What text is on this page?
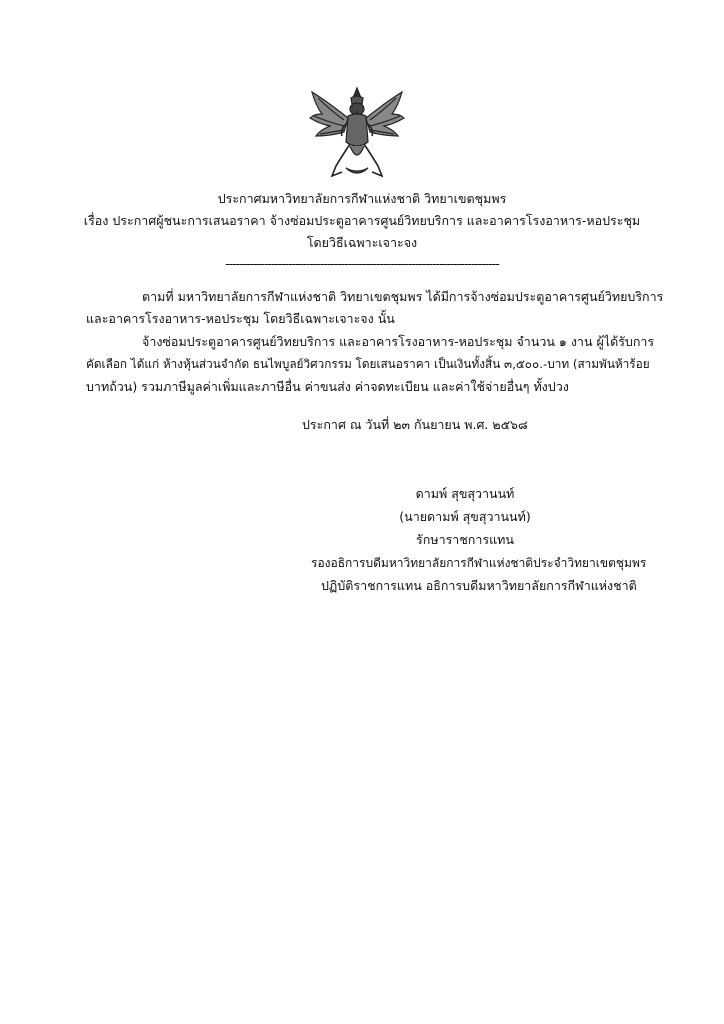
ประกาศมหาวิทยาลัยการกีฬาแห่งชาติ วิทยาเขตชุมพร
เรื่อง ประกาศผู้ชนะการเสนอราคา จ้างซ่อมประตูอาคารศูนย์วิทยบริการ และอาคารโรงอาหาร-หอประชุม
โดยวิธีเฉพาะเจาะจง
------------------------------------------------------------------------------
ตามที่ มหาวิทยาลัยการกีฬาแห่งชาติ วิทยาเขตชุมพร ได้มีการจ้างซ่อมประตูอาคารศูนย์วิทยบริการ
และอาคารโรงอาหาร-หอประชุม โดยวิธีเฉพาะเจาะจง นั้น
จ้างซ่อมประตูอาคารศูนย์วิทยบริการ และอาคารโรงอาหาร-หอประชุม จำนวน ๑ งาน ผู้ได้รับการ
คัดเลือก ได้แก่ ห้างหุ้นส่วนจำกัด ธนไพบูลย์วิศวกรรม โดยเสนอราคา เป็นเงินทั้งสิ้น ๓,๕๐๐.-บาท (สามพันห้าร้อย
บาทถ้วน) รวมภาษีมูลค่าเพิ่มและภาษีอื่น ค่าขนส่ง ค่าจดทะเบียน และค่าใช้จ่ายอื่นๆ ทั้งปวง
ประกาศ ณ วันที่ ๒๓ กันยายน พ.ศ. ๒๕๖๘
ดามพ์ สุขสุวานนท์
(นายดามพ์ สุขสุวานนท์)
รักษาราชการแทน
รองอธิการบดีมหาวิทยาลัยการกีฬาแห่งชาติประจำวิทยาเขตชุมพร
ปฏิบัติราชการแทน อธิการบดีมหาวิทยาลัยการกีฬาแห่งชาติ
